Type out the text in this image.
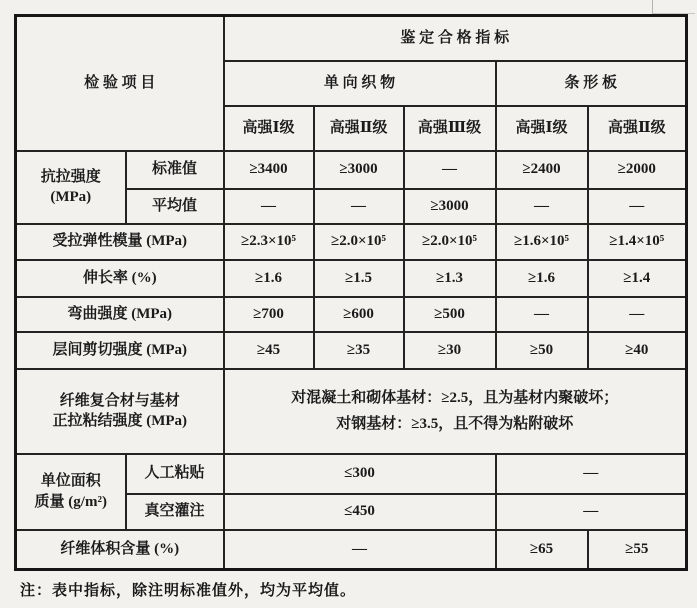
检 验 项 目		鉴 定 合 格 指 标				
		单 向 织 物			条 形 板	
		高强Ⅰ级	高强Ⅱ级	高强Ⅲ级	高强Ⅰ级	高强Ⅱ级

抗拉强度
(MPa)	标准值	≥3400	≥3000	—	≥2400	≥2000
	平均值	—	—	≥3000	—	—
受拉弹性模量 (MPa)		≥2.3×10⁵	≥2.0×10⁵	≥2.0×10⁵	≥1.6×10⁵	≥1.4×10⁵
伸长率 (%)		≥1.6	≥1.5	≥1.3	≥1.6	≥1.4
弯曲强度 (MPa)		≥700	≥600	≥500	—	—
层间剪切强度 (MPa)		≥45	≥35	≥30	≥50	≥40

纤维复合材与基材
正拉粘结强度 (MPa)		对混凝土和砌体基材：≥2.5，且为基材内聚破坏；
对钢基材：≥3.5，且不得为粘附破坏				

单位面积
质量 (g/m²)	人工粘贴	≤300			—	
	真空灌注	≤450			—	
纤维体积含量 (%)		—			≥65	≥55
注：表中指标，除注明标准值外，均为平均值。
